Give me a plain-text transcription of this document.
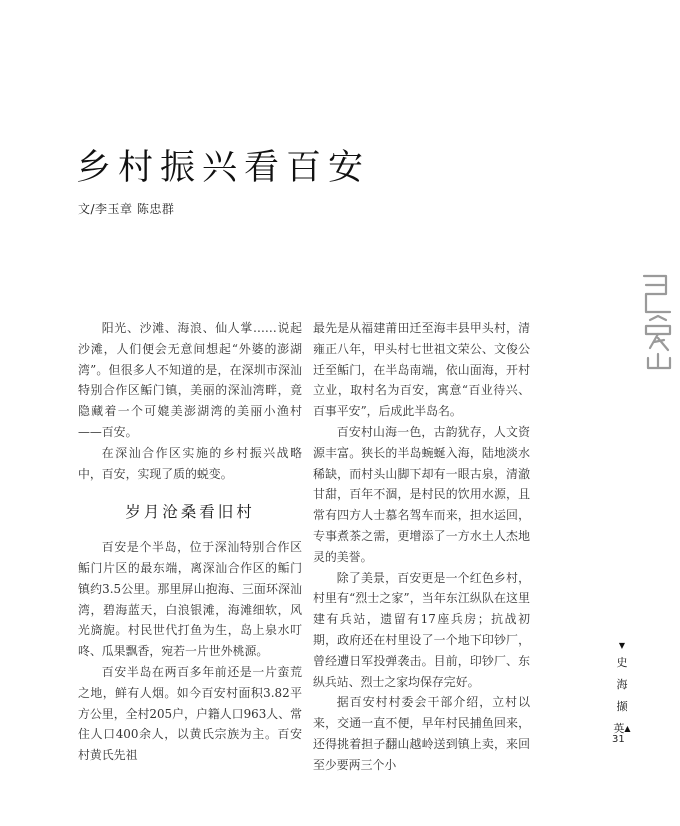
乡村振兴看百安
文/李玉章 陈忠群

阳光、沙滩、海浪、仙人掌……说起沙滩，人们便会无意间想起“外婆的澎湖湾”。但很多人不知道的是，在深圳市深汕特别合作区鲘门镇，美丽的深汕湾畔，竟隐藏着一个可媲美澎湖湾的美丽小渔村——百安。

在深汕合作区实施的乡村振兴战略中，百安，实现了质的蜕变。

岁月沧桑看旧村

百安是个半岛，位于深汕特别合作区鲘门片区的最东端，离深汕合作区的鲘门镇约3.5公里。那里屏山抱海、三面环深汕湾，碧海蓝天，白浪银滩，海滩细软，风光旖旎。村民世代打鱼为生，岛上泉水叮咚、瓜果飘香，宛若一片世外桃源。

百安半岛在两百多年前还是一片蛮荒之地，鲜有人烟。如今百安村面积3.82平方公里，全村205户，户籍人口963人、常住人口400余人，以黄氏宗族为主。百安村黄氏先祖

最先是从福建莆田迁至海丰县甲头村，清雍正八年，甲头村七世祖文荣公、文俊公迁至鲘门，在半岛南端，依山面海，开村立业，取村名为百安，寓意“百业待兴、百事平安”，后成此半岛名。

百安村山海一色，古韵犹存，人文资源丰富。狭长的半岛蜿蜒入海，陆地淡水稀缺，而村头山脚下却有一眼古泉，清澈甘甜，百年不涸，是村民的饮用水源，且常有四方人士慕名驾车而来，担水运回，专事煮茶之需，更增添了一方水土人杰地灵的美誉。

除了美景，百安更是一个红色乡村，村里有“烈士之家”，当年东江纵队在这里建有兵站，遗留有17座兵房；抗战初期，政府还在村里设了一个地下印钞厂，曾经遭日军投弹袭击。目前，印钞厂、东纵兵站、烈士之家均保存完好。

据百安村村委会干部介绍，立村以来，交通一直不便，早年村民捕鱼回来，还得挑着担子翻山越岭送到镇上卖，来回至少要两三个小

▼
史
海
撷
英 ▲
31
